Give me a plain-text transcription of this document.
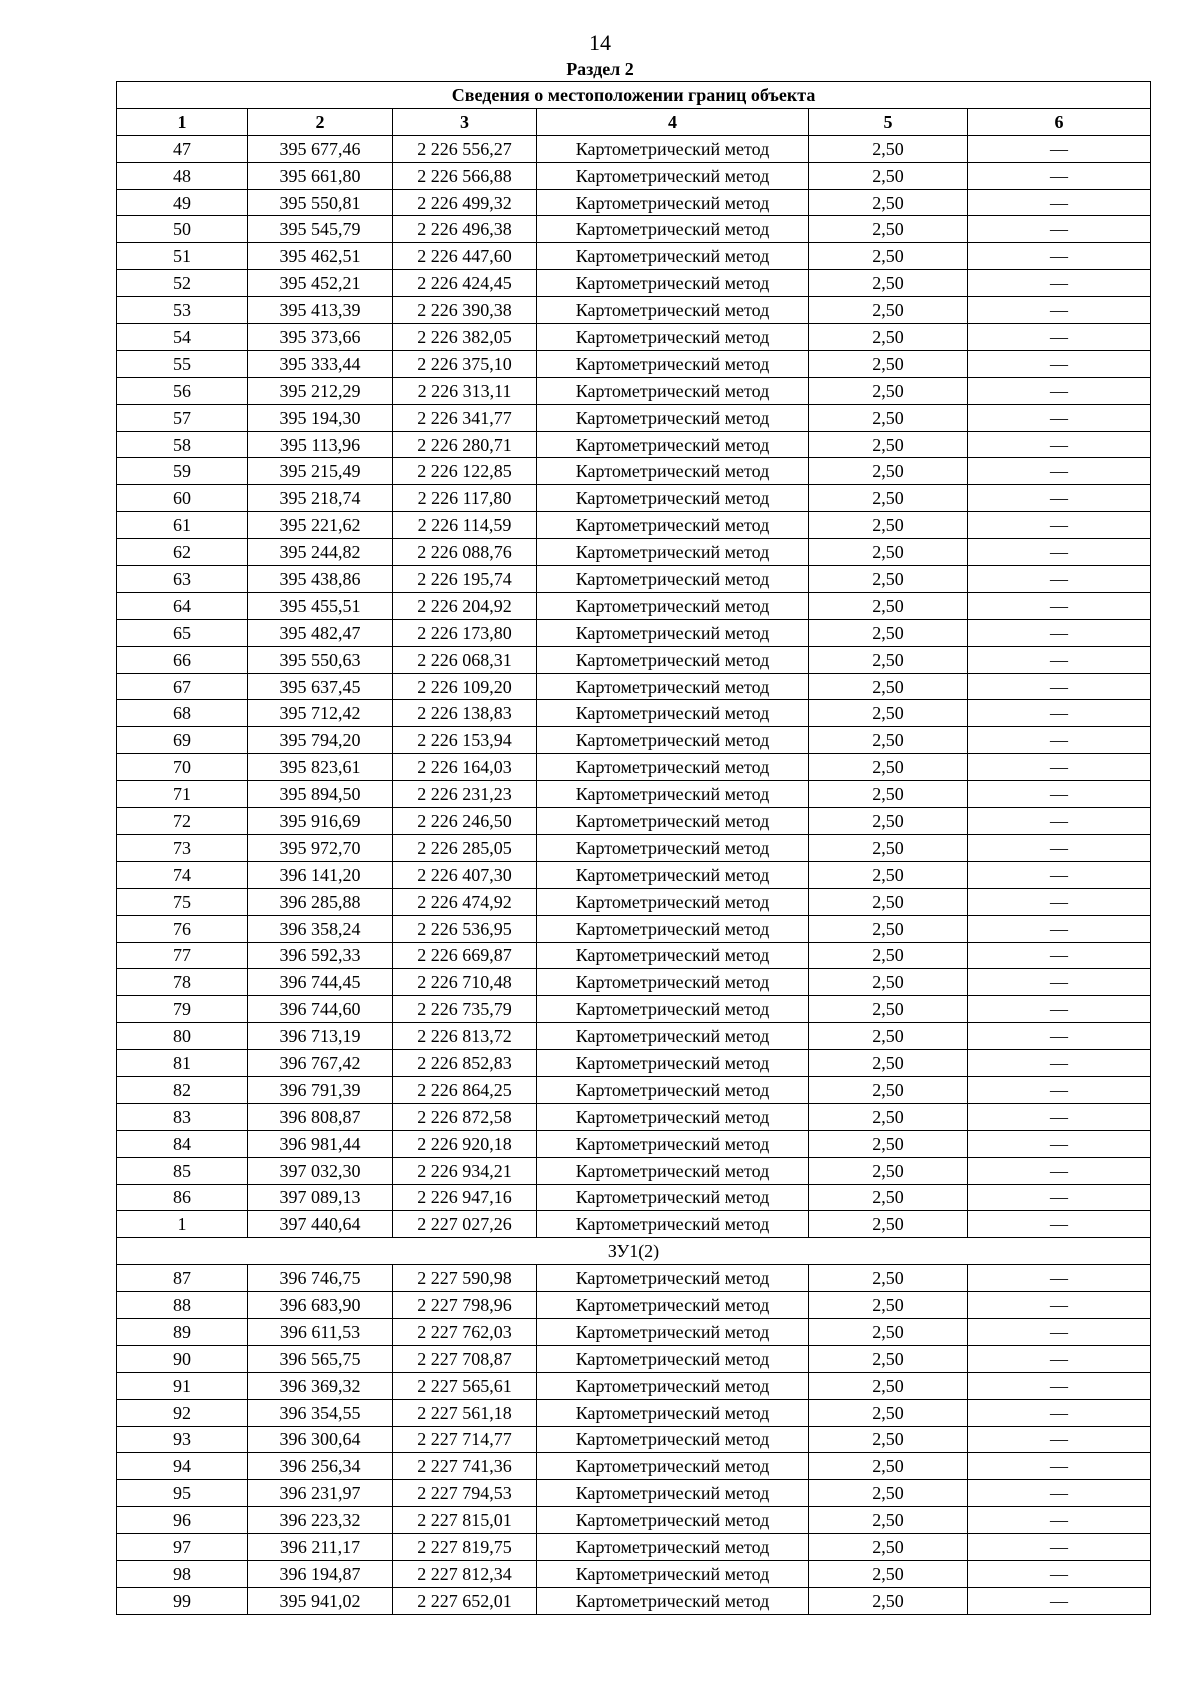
14
Раздел 2
Сведения о местоположении границ объекта					
1	2	3	4	5	6
47	395 677,46	2 226 556,27	Картометрический метод	2,50	—
48	395 661,80	2 226 566,88	Картометрический метод	2,50	—
49	395 550,81	2 226 499,32	Картометрический метод	2,50	—
50	395 545,79	2 226 496,38	Картометрический метод	2,50	—
51	395 462,51	2 226 447,60	Картометрический метод	2,50	—
52	395 452,21	2 226 424,45	Картометрический метод	2,50	—
53	395 413,39	2 226 390,38	Картометрический метод	2,50	—
54	395 373,66	2 226 382,05	Картометрический метод	2,50	—
55	395 333,44	2 226 375,10	Картометрический метод	2,50	—
56	395 212,29	2 226 313,11	Картометрический метод	2,50	—
57	395 194,30	2 226 341,77	Картометрический метод	2,50	—
58	395 113,96	2 226 280,71	Картометрический метод	2,50	—
59	395 215,49	2 226 122,85	Картометрический метод	2,50	—
60	395 218,74	2 226 117,80	Картометрический метод	2,50	—
61	395 221,62	2 226 114,59	Картометрический метод	2,50	—
62	395 244,82	2 226 088,76	Картометрический метод	2,50	—
63	395 438,86	2 226 195,74	Картометрический метод	2,50	—
64	395 455,51	2 226 204,92	Картометрический метод	2,50	—
65	395 482,47	2 226 173,80	Картометрический метод	2,50	—
66	395 550,63	2 226 068,31	Картометрический метод	2,50	—
67	395 637,45	2 226 109,20	Картометрический метод	2,50	—
68	395 712,42	2 226 138,83	Картометрический метод	2,50	—
69	395 794,20	2 226 153,94	Картометрический метод	2,50	—
70	395 823,61	2 226 164,03	Картометрический метод	2,50	—
71	395 894,50	2 226 231,23	Картометрический метод	2,50	—
72	395 916,69	2 226 246,50	Картометрический метод	2,50	—
73	395 972,70	2 226 285,05	Картометрический метод	2,50	—
74	396 141,20	2 226 407,30	Картометрический метод	2,50	—
75	396 285,88	2 226 474,92	Картометрический метод	2,50	—
76	396 358,24	2 226 536,95	Картометрический метод	2,50	—
77	396 592,33	2 226 669,87	Картометрический метод	2,50	—
78	396 744,45	2 226 710,48	Картометрический метод	2,50	—
79	396 744,60	2 226 735,79	Картометрический метод	2,50	—
80	396 713,19	2 226 813,72	Картометрический метод	2,50	—
81	396 767,42	2 226 852,83	Картометрический метод	2,50	—
82	396 791,39	2 226 864,25	Картометрический метод	2,50	—
83	396 808,87	2 226 872,58	Картометрический метод	2,50	—
84	396 981,44	2 226 920,18	Картометрический метод	2,50	—
85	397 032,30	2 226 934,21	Картометрический метод	2,50	—
86	397 089,13	2 226 947,16	Картометрический метод	2,50	—
1	397 440,64	2 227 027,26	Картометрический метод	2,50	—
ЗУ1(2)					
87	396 746,75	2 227 590,98	Картометрический метод	2,50	—
88	396 683,90	2 227 798,96	Картометрический метод	2,50	—
89	396 611,53	2 227 762,03	Картометрический метод	2,50	—
90	396 565,75	2 227 708,87	Картометрический метод	2,50	—
91	396 369,32	2 227 565,61	Картометрический метод	2,50	—
92	396 354,55	2 227 561,18	Картометрический метод	2,50	—
93	396 300,64	2 227 714,77	Картометрический метод	2,50	—
94	396 256,34	2 227 741,36	Картометрический метод	2,50	—
95	396 231,97	2 227 794,53	Картометрический метод	2,50	—
96	396 223,32	2 227 815,01	Картометрический метод	2,50	—
97	396 211,17	2 227 819,75	Картометрический метод	2,50	—
98	396 194,87	2 227 812,34	Картометрический метод	2,50	—
99	395 941,02	2 227 652,01	Картометрический метод	2,50	—
